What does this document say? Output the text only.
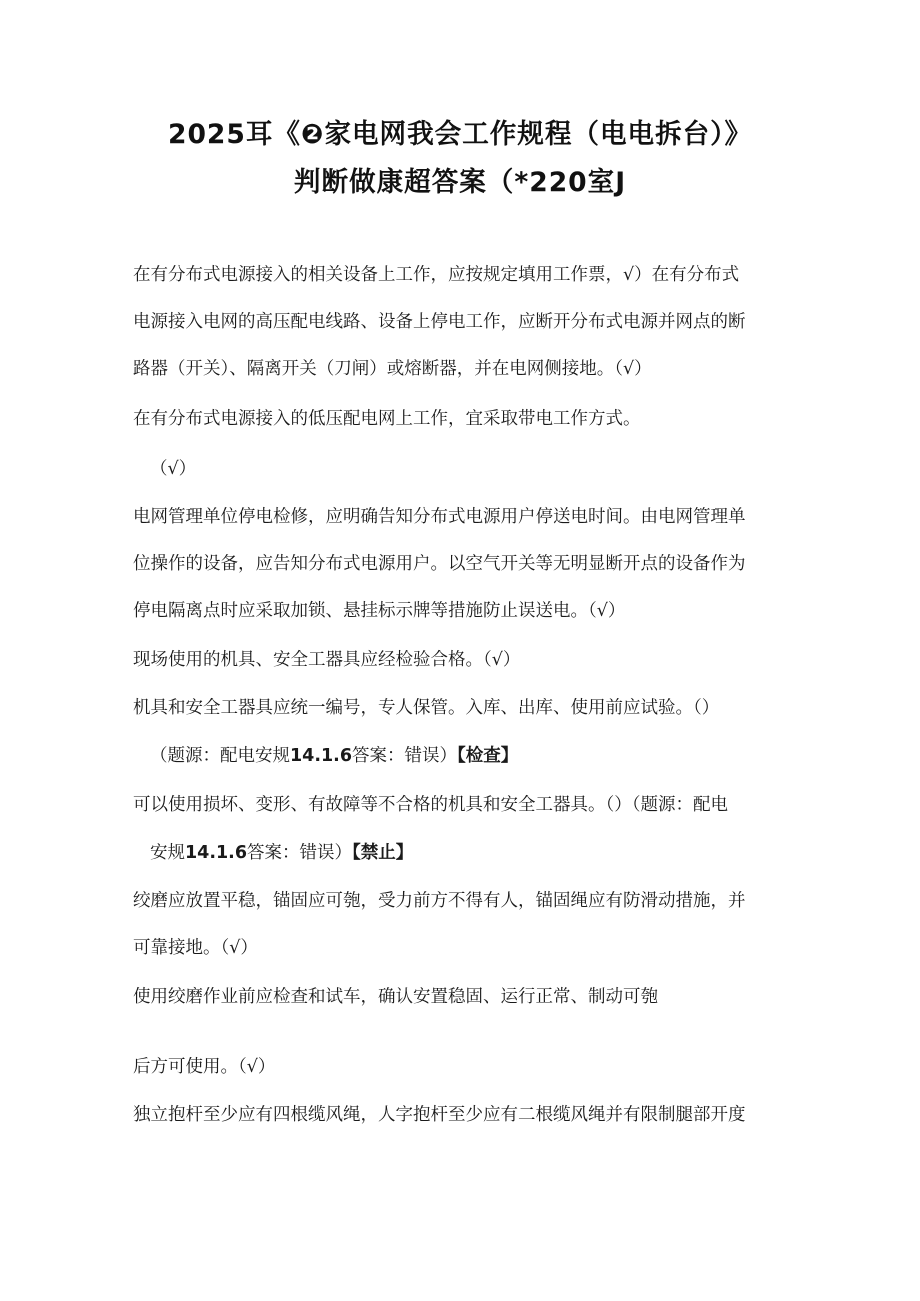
2025耳《❷家电网我会工作规程（电电拆台）》
判断做康超答案（*220室J
在有分布式电源接入的相关设备上工作，应按规定填用工作票，√）在有分布式
电源接入电网的高压配电线路、设备上停电工作，应断开分布式电源并网点的断
路器（开关）、隔离开关（刀闸）或熔断器，并在电网侧接地。（√）
在有分布式电源接入的低压配电网上工作，宜采取带电工作方式。
（√）
电网管理单位停电检修，应明确告知分布式电源用户停送电时间。由电网管理单
位操作的设备，应告知分布式电源用户。以空气开关等无明显断开点的设备作为
停电隔离点时应采取加锁、悬挂标示牌等措施防止误送电。（√）
现场使用的机具、安全工器具应经检验合格。（√）
机具和安全工器具应统一编号，专人保管。入库、出库、使用前应试验。（）
（题源：配电安规14.1.6答案：错误）【检查】
可以使用损坏、变形、有故障等不合格的机具和安全工器具。（）（题源：配电
安规14.1.6答案：错误）【禁止】
绞磨应放置平稳，锚固应可匏，受力前方不得有人，锚固绳应有防滑动措施，并
可靠接地。（√）
使用绞磨作业前应检查和试车，确认安置稳固、运行正常、制动可匏
后方可使用。（√）
独立抱杆至少应有四根缆风绳，人字抱杆至少应有二根缆风绳并有限制腿部开度
